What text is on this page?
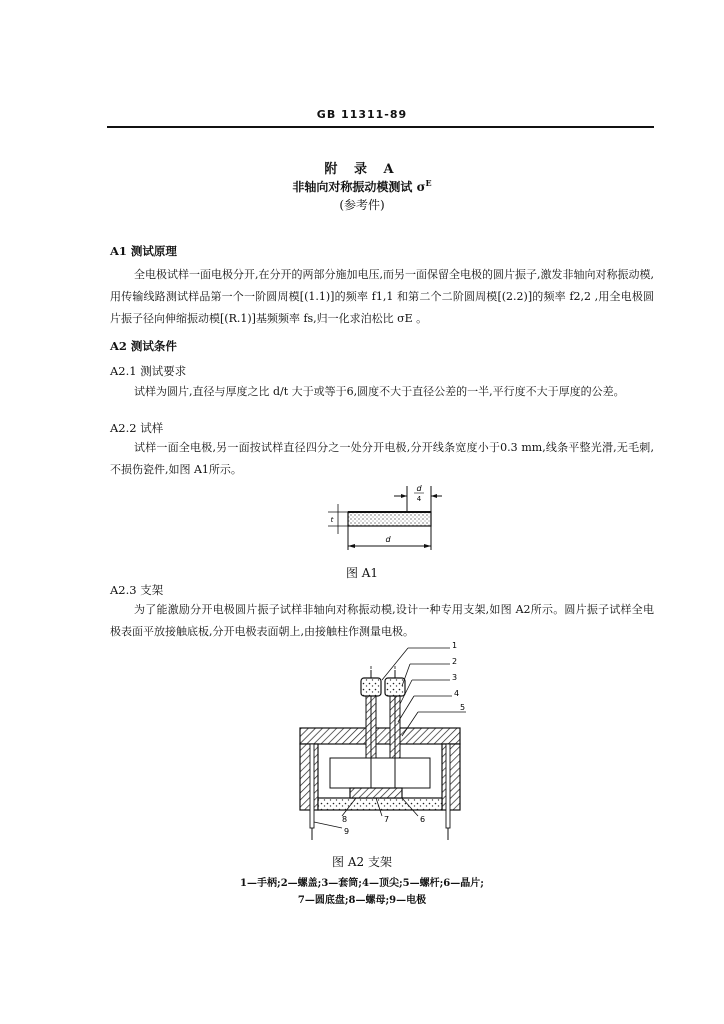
GB 11311-89
附 录 A
非轴向对称振动模测试 $\sigma^E$
(参考件)
A1 测试原理
全电极试样一面电极分开,在分开的两部分施加电压,而另一面保留全电极的圆片振子,激发非轴向对称振动模,用传输线路测试样品第一个一阶圆周模[(1.1)]的频率 f1,1 和第二个二阶圆周模[(2.2)]的频率 f2,2 ,用全电极圆片振子径向伸缩振动模[(R.1)]基频频率 fs,归一化求泊松比 σE 。
A2 测试条件
A2.1 测试要求
试样为圆片,直径与厚度之比 d/t 大于或等于6,圆度不大于直径公差的一半,平行度不大于厚度的公差。
A2.2 试样
试样一面全电极,另一面按试样直径四分之一处分开电极,分开线条宽度小于0.3 mm,线条平整光滑,无毛刺,不损伤瓷件,如图 A1所示。
d
4
t
d
图 A1
A2.3 支架
为了能激励分开电极圆片振子试样非轴向对称振动模,设计一种专用支架,如图 A2所示。圆片振子试样全电极表面平放接触底板,分开电极表面朝上,由接触柱作测量电极。
1
2
3
4
5
6
7
8
9
图 A2 支架
1—手柄;2—螺盖;3—套筒;4—顶尖;5—螺杆;6—晶片;
7—圆底盘;8—螺母;9—电极
